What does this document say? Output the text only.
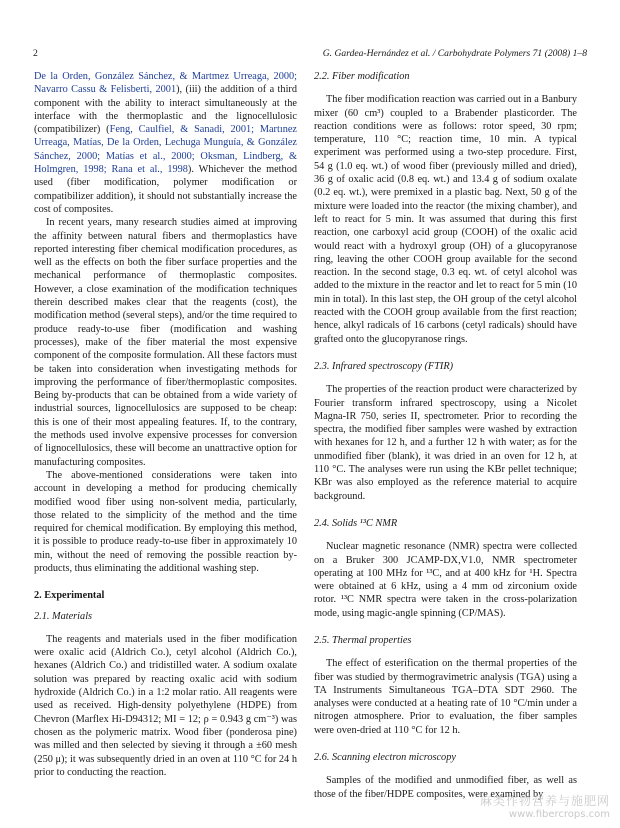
2	G. Gardea-Hernández et al. / Carbohydrate Polymers 71 (2008) 1–8

De la Orden, González Sánchez, & Martmez Urreaga, 2000; Navarro Cassu & Felisberti, 2001), (iii) the addition of a third component with the ability to interact simultaneously at the interface with the thermoplastic and the lignocellulosic (compatibilizer) (Feng, Caulfiel, & Sanadi, 2001; Martınez Urreaga, Matías, De la Orden, Lechuga Munguía, & González Sánchez, 2000; Matías et al., 2000; Oksman, Lindberg, & Holmgren, 1998; Rana et al., 1998). Whichever the method used (fiber modification, polymer modification or compatibilizer addition), it should not substantially increase the cost of composites.

In recent years, many research studies aimed at improving the affinity between natural fibers and thermoplastics have reported interesting fiber chemical modification procedures, as well as the effects on both the fiber surface properties and the mechanical performance of thermoplastic composites. However, a close examination of the modification techniques therein described makes clear that the reagents (cost), the modification method (several steps), and/or the time required to produce ready-to-use fiber (modification and washing processes), make of the fiber material the most expensive component of the composite formulation. All these factors must be taken into consideration when investigating methods for improving the performance of fiber/thermoplastic composites. Being by-products that can be obtained from a wide variety of industrial sources, lignocellulosics are supposed to be cheap: this is one of their most appealing features. If, to the contrary, the methods used involve expensive processes for conversion of lignocellulosics, these will become an unattractive option for manufacturing composites.

The above-mentioned considerations were taken into account in developing a method for producing chemically modified wood fiber using non-solvent media, particularly, those related to the simplicity of the method and the time required for chemical modification. By employing this method, it is possible to produce ready-to-use fiber in approximately 10 min, without the need of removing the possible reaction by-products, thus eliminating the additional washing step.

2. Experimental
2.1. Materials

The reagents and materials used in the fiber modification were oxalic acid (Aldrich Co.), cetyl alcohol (Aldrich Co.), hexanes (Aldrich Co.) and tridistilled water. A sodium oxalate solution was prepared by reacting oxalic acid with sodium hydroxide (Aldrich Co.) in a 1:2 molar ratio. All reagents were used as received. High-density polyethylene (HDPE) from Chevron (Marflex Hi-D94312; MI = 12; ρ = 0.943 g cm⁻³) was chosen as the polymeric matrix. Wood fiber (ponderosa pine) was milled and then selected by sieving it through a ±60 mesh (250 μ); it was subsequently dried in an oven at 110 °C for 24 h prior to conducting the reaction.

2.2. Fiber modification

The fiber modification reaction was carried out in a Banbury mixer (60 cm³) coupled to a Brabender plasticorder. The reaction conditions were as follows: rotor speed, 30 rpm; temperature, 110 °C; reaction time, 10 min. A typical experiment was performed using a two-step procedure. First, 54 g (1.0 eq. wt.) of wood fiber (previously milled and dried), 36 g of oxalic acid (0.8 eq. wt.) and 13.4 g of sodium oxalate (0.2 eq. wt.), were premixed in a plastic bag. Next, 50 g of the mixture were loaded into the reactor (the mixing chamber), and left to react for 5 min. It was assumed that during this first reaction, one carboxyl acid group (COOH) of the oxalic acid would react with a hydroxyl group (OH) of a glucopyranose ring, leaving the other COOH group available for the second reaction. In the second stage, 0.3 eq. wt. of cetyl alcohol was added to the mixture in the reactor and let to react for 5 min (10 min in total). In this last step, the OH group of the cetyl alcohol reacted with the COOH group available from the first reaction; hence, alkyl radicals of 16 carbons (cetyl radicals) should have grafted onto the glucopyranose rings.

2.3. Infrared spectroscopy (FTIR)

The properties of the reaction product were characterized by Fourier transform infrared spectroscopy, using a Nicolet Magna-IR 750, series II, spectrometer. Prior to recording the spectra, the modified fiber samples were washed by extraction with hexanes for 12 h, and a further 12 h with water; as for the unmodified fiber (blank), it was dried in an oven for 12 h, at 110 °C. The analyses were run using the KBr pellet technique; KBr was also employed as the reference material to acquire background.

2.4. Solids ¹³C NMR

Nuclear magnetic resonance (NMR) spectra were collected on a Bruker 300 JCAMP-DX,V1.0, NMR spectrometer operating at 100 MHz for ¹³C, and at 400 kHz for ¹H. Spectra were obtained at 6 kHz, using a 4 mm od zirconium oxide rotor. ¹³C NMR spectra were taken in the cross-polarization mode, using magic-angle spinning (CP/MAS).

2.5. Thermal properties

The effect of esterification on the thermal properties of the fiber was studied by thermogravimetric analysis (TGA) using a TA Instruments Simultaneous TGA–DTA SDT 2960. The analyses were conducted at a heating rate of 10 °C/min under a nitrogen atmosphere. Prior to evaluation, the fiber samples were oven-dried at 110 °C for 12 h.

2.6. Scanning electron microscopy

Samples of the modified and unmodified fiber, as well as those of the fiber/HDPE composites, were examined by

麻类作物营养与施肥网
www.fibercrops.com
